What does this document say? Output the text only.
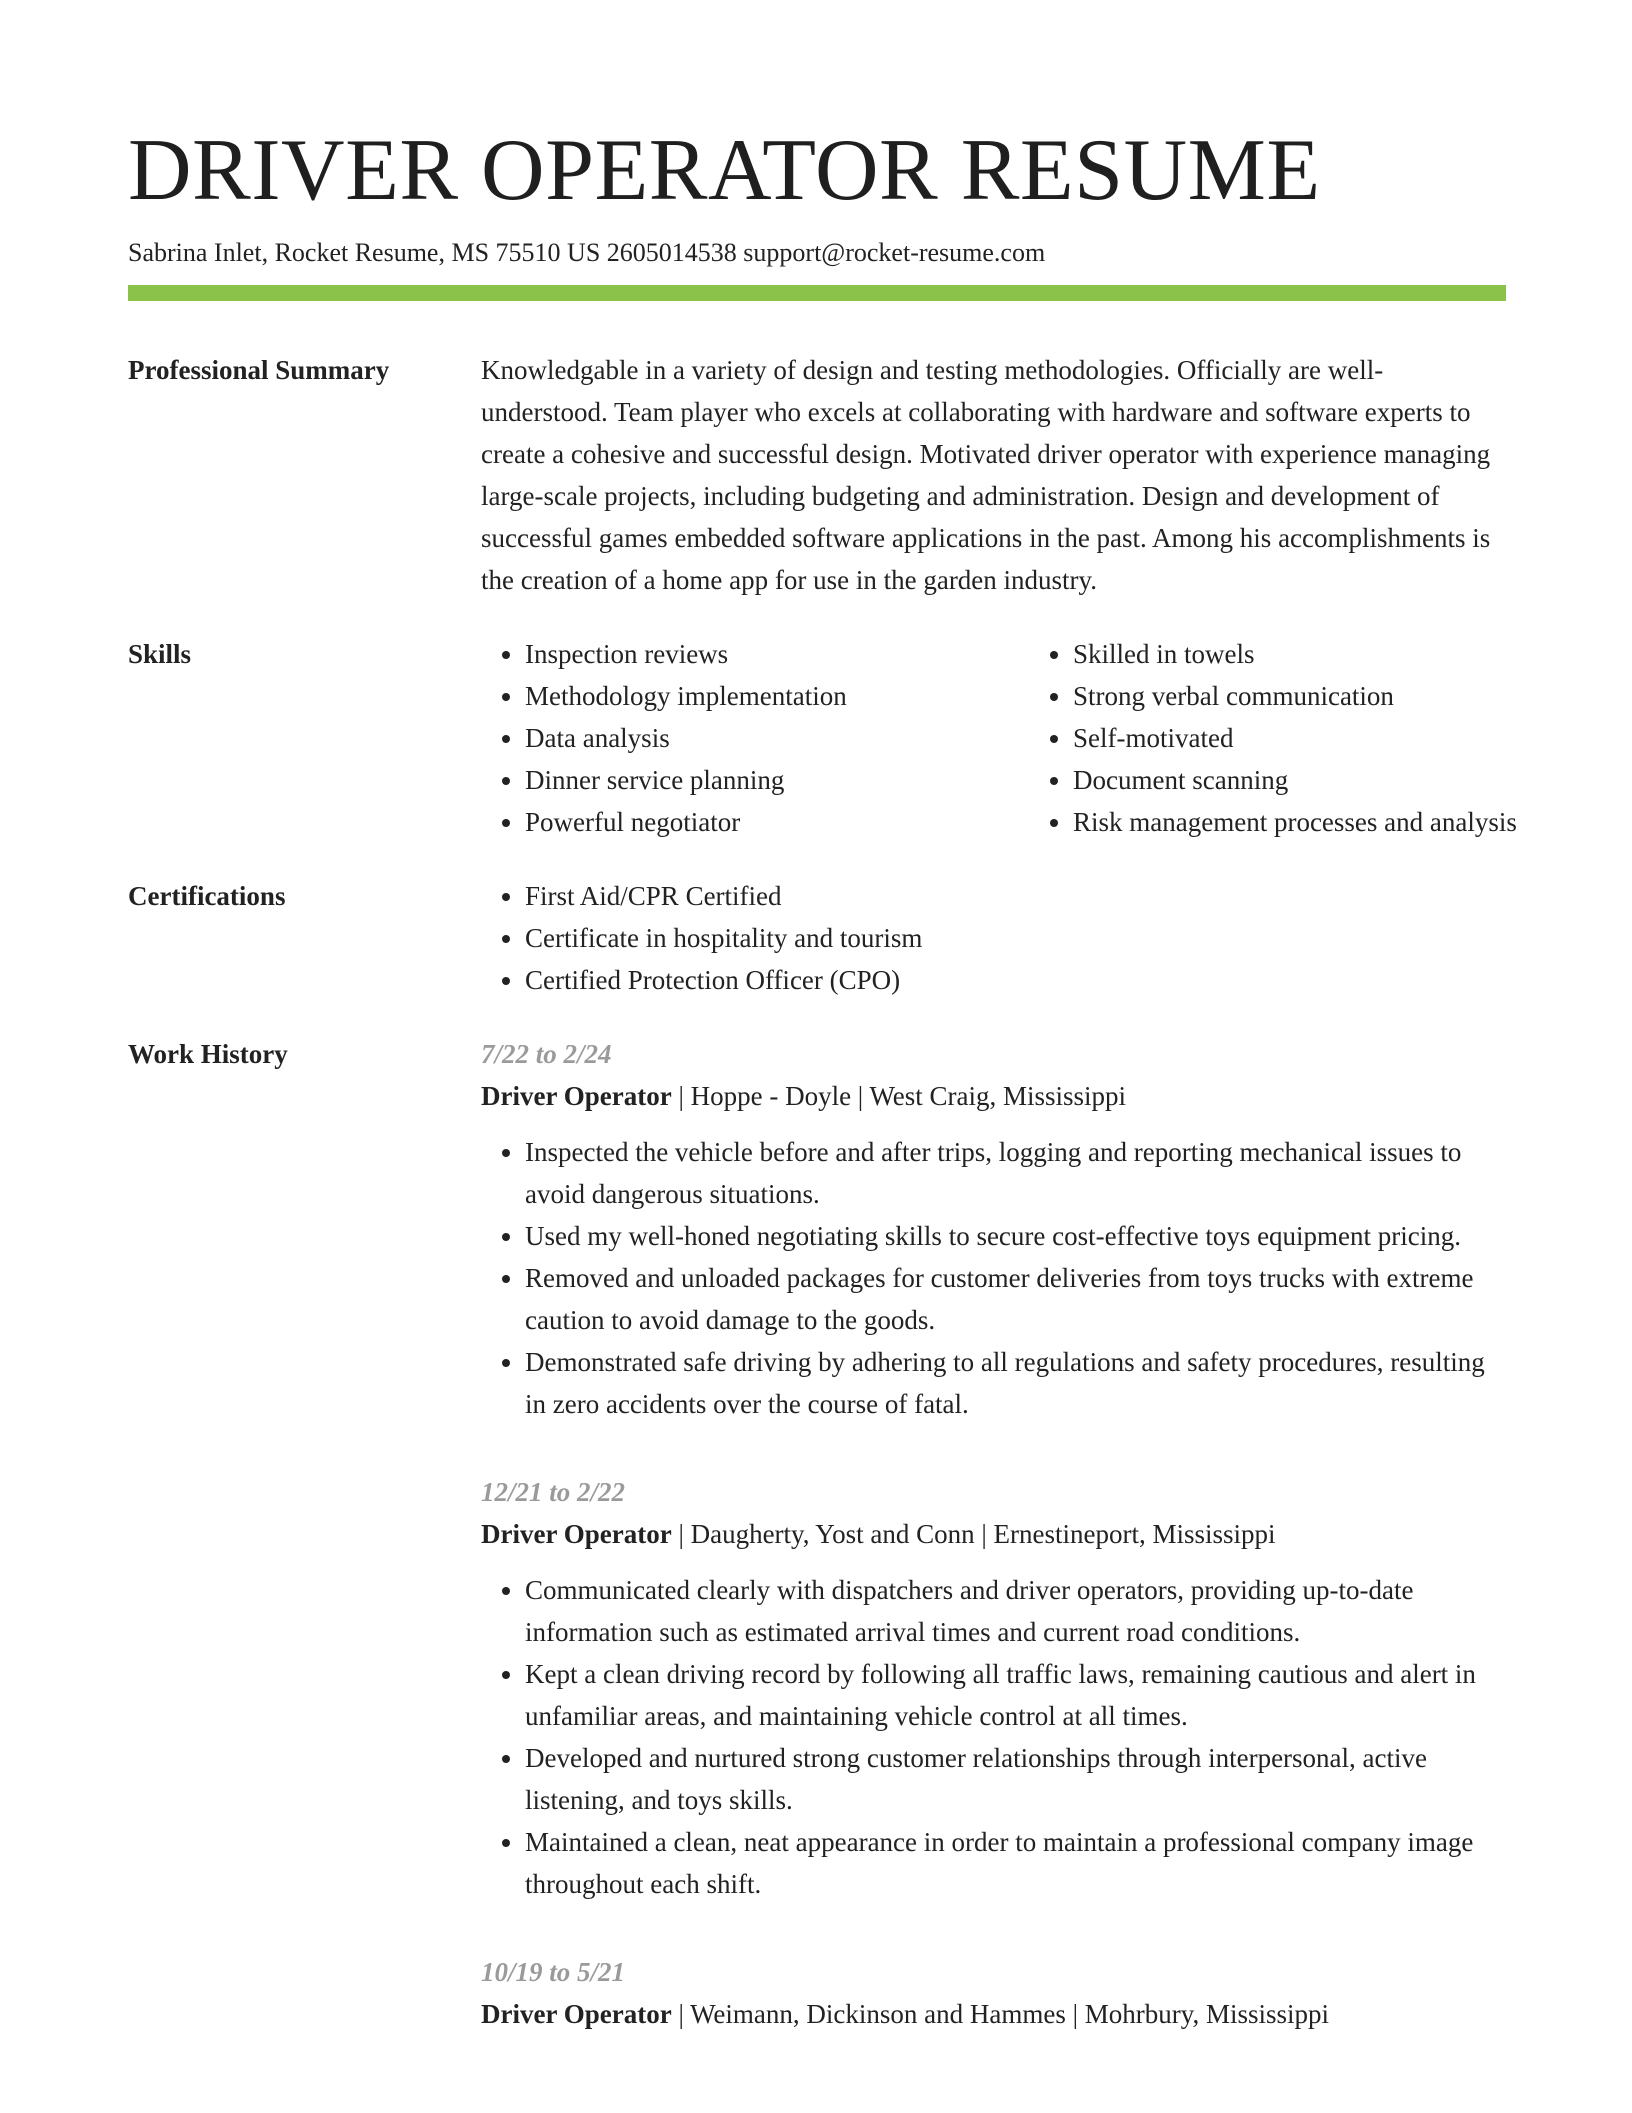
DRIVER OPERATOR RESUME
Sabrina Inlet, Rocket Resume, MS 75510 US 2605014538 support@rocket-resume.com
Professional Summary	Knowledgable in a variety of design and testing methodologies. Officially are well-understood. Team player who excels at collaborating with hardware and software experts to create a cohesive and successful design. Motivated driver operator with experience managing large-scale projects, including budgeting and administration. Design and development of successful games embedded software applications in the past. Among his accomplishments is the creation of a home app for use in the garden industry.

Skills	• Inspection reviews
• Methodology implementation
• Data analysis
• Dinner service planning
• Powerful negotiator
• Skilled in towels
• Strong verbal communication
• Self-motivated
• Document scanning
• Risk management processes and analysis
Certifications	• First Aid/CPR Certified
• Certificate in hospitality and tourism
• Certified Protection Officer (CPO)
Work History	7/22 to 2/24
Driver Operator | Hoppe - Doyle | West Craig, Mississippi
• Inspected the vehicle before and after trips, logging and reporting mechanical issues to avoid dangerous situations.
• Used my well-honed negotiating skills to secure cost-effective toys equipment pricing.
• Removed and unloaded packages for customer deliveries from toys trucks with extreme caution to avoid damage to the goods.
• Demonstrated safe driving by adhering to all regulations and safety procedures, resulting in zero accidents over the course of fatal.
12/21 to 2/22
Driver Operator | Daugherty, Yost and Conn | Ernestineport, Mississippi
• Communicated clearly with dispatchers and driver operators, providing up-to-date information such as estimated arrival times and current road conditions.
• Kept a clean driving record by following all traffic laws, remaining cautious and alert in unfamiliar areas, and maintaining vehicle control at all times.
• Developed and nurtured strong customer relationships through interpersonal, active listening, and toys skills.
• Maintained a clean, neat appearance in order to maintain a professional company image throughout each shift.
10/19 to 5/21
Driver Operator | Weimann, Dickinson and Hammes | Mohrbury, Mississippi
